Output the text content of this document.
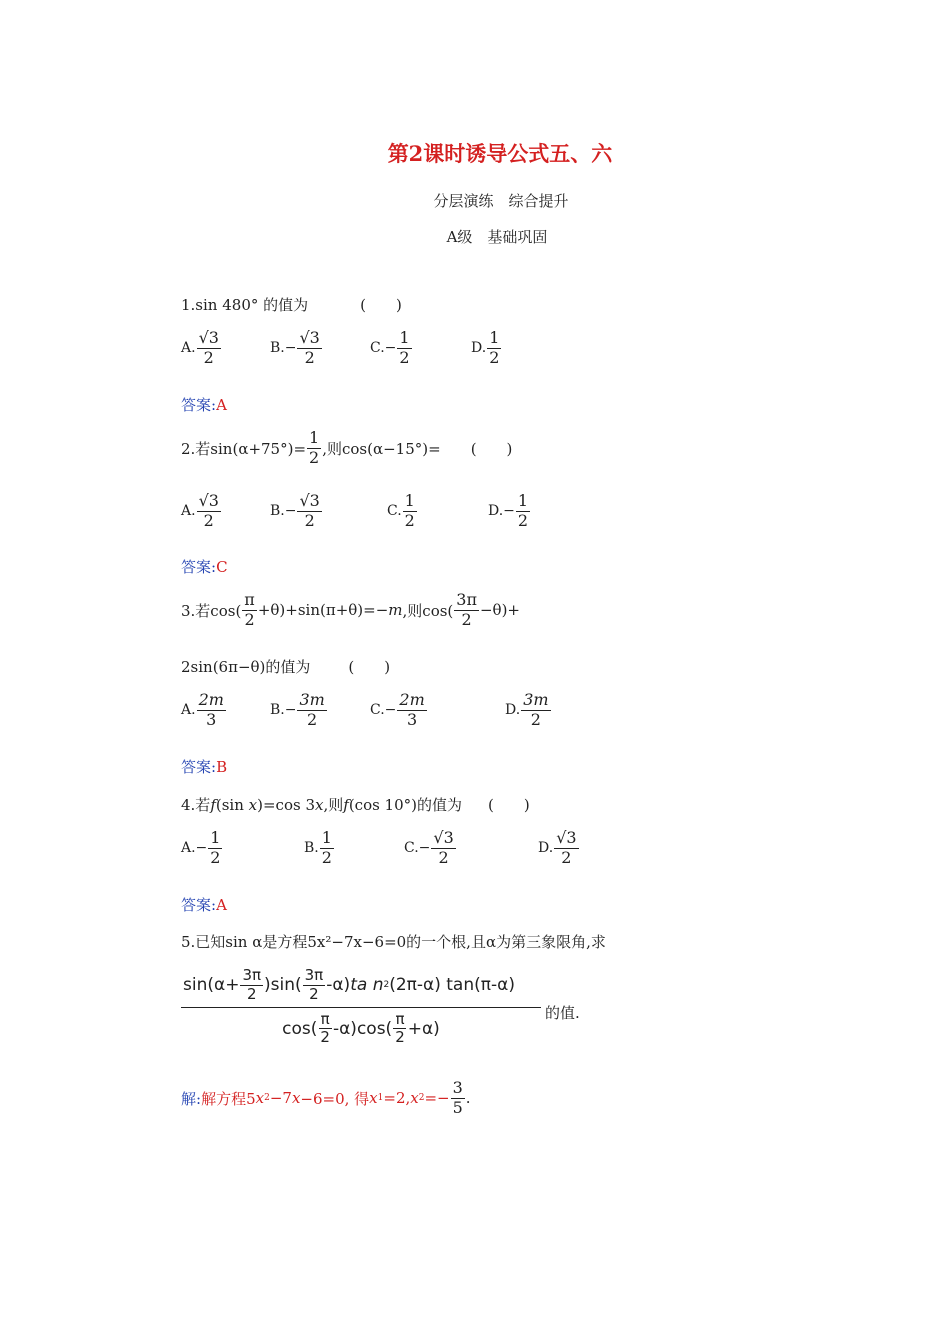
第2课时诱导公式五、六
分层演练　综合提升
A级　基础巩固
1.sin 480° 的值为	(　　)
A. $\frac{√3}{2}$	$B.- \frac{√3}{2}$	$C.- \frac{1}{2}$	D. $\frac{1}{2}$
答案:A
2.若$\sin(\alpha+75^\circ)= \frac{1}{2}$ ,则cos(α−15°)= (　　)
A. $\frac{√3}{2}$	$B.- \frac{√3}{2}$	C. $\frac{1}{2}$	$D.- \frac{1}{2}$
答案:C
3.若$\cos( \frac{\pi}{2} +\theta)+\sin(\pi+\theta)=- m$ ,则$\cos( \frac{3\pi}{2} -\theta)+$
2sin(6π−θ)的值为	(　　)
A. $\frac{2m}{3}$	$B.- \frac{3m}{2}$	$C.- \frac{2m}{3}$	D. $\frac{3m}{2}$
答案:B
4.若f(sin x)=cos 3x,则f(cos 10°)的值为 (　　)
$A.- \frac{1}{2}$	B. $\frac{1}{2}$	$C.- \frac{√3}{2}$	D. $\frac{√3}{2}$
答案:A
5.已知sin α是方程5x²−7x−6=0的一个根,且α为第三象限角,求
$\frac{\sin(\alpha+ \frac{3\pi}{2} )\sin( \frac{3\pi}{2} -\alpha) ta n 2 (2\pi-\alpha) \tan(\pi-\alpha)}{\cos( \frac{\pi}{2} -\alpha)\cos( \frac{\pi}{2} +\alpha)}$ 的值.
解: 解方程5 x 2 −7 x −6=0, 得 x 1 =2, x $2 =- \frac{3}{5}$ .
